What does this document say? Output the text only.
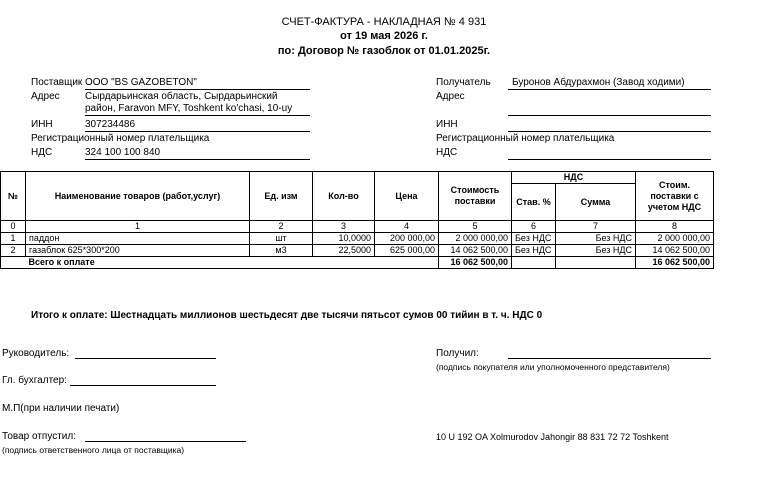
СЧЕТ-ФАКТУРА - НАКЛАДНАЯ № 4 931
от 19 мая 2026 г.
по: Договор № газоблок от 01.01.2025г.
Поставщик ООО "BS GAZOBETON"
Адрес	Сырдарьинская область, Сырдарьинский
район, Faravon MFY, Toshkent ko'chasi, 10-uy
ИНН	307234486
Регистрационный номер плательщика
НДС	324 100 100 840
Получатель Буронов Абдурахмон (Завод ходими)
Адрес
ИНН
Регистрационный номер плательщика
НДС
№	Наименование товаров (работ,услуг)	Ед. изм	Кол-во	Цена	Стоимость поставки	НДС		Стоим. поставки с учетом НДС
						Став. %	Сумма	
0	1	2	3	4	5	6	7	8
1	паддон	шт	10,0000	200 000,00	2 000 000,00	Без НДС	Без НДС	2 000 000,00
2	газаблок 625*300*200	м3	22,5000	625 000,00	14 062 500,00	Без НДС	Без НДС	14 062 500,00
	Всего к оплате				16 062 500,00			16 062 500,00
Итого к оплате: Шестнадцать миллионов шестьдесят две тысячи пятьсот сумов 00 тийин в т. ч. НДС 0
Руководитель:
Гл. бухгалтер:
М.П(при наличии печати)
Товар отпустил:
(подпись ответственного лица от поставщика)
Получил:
(подпись покупателя или уполномоченного представителя)
10 U 192 OA Xolmurodov Jahongir 88 831 72 72 Toshkent
